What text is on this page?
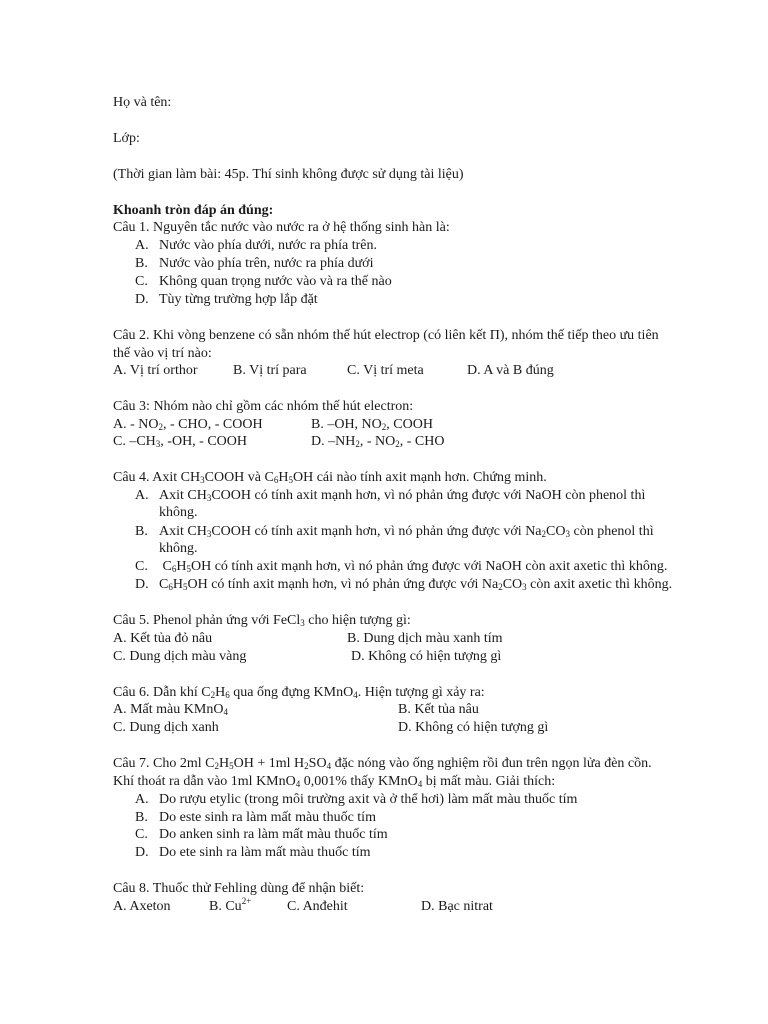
Họ và tên:
Lớp:
(Thời gian làm bài: 45p. Thí sinh không được sử dụng tài liệu)
Khoanh tròn đáp án đúng:
Câu 1. Nguyên tắc nước vào nước ra ở hệ thống sinh hàn là:
A. Nước vào phía dưới, nước ra phía trên.
B. Nước vào phía trên, nước ra phía dưới
C. Không quan trọng nước vào và ra thế nào
D. Tùy từng trường hợp lắp đặt
Câu 2. Khi vòng benzene có sẵn nhóm thế hút electrop (có liên kết Π), nhóm thế tiếp theo ưu tiên
thế vào vị trí nào:
A. Vị trí orthor	B. Vị trí para	C. Vị trí meta	D. A và B đúng
Câu 3: Nhóm nào chỉ gồm các nhóm thế hút electron:
A. - $NO_2$, - CHO, - COOH	B. –OH, $NO_2$, COOH
C. $-CH_3$, -OH, - COOH	D. $-NH_2$, - $NO_2$, - CHO
Câu 4. Axit $CH_3COOH$ và $C_6H_5OH$ cái nào tính axit mạnh hơn. Chứng minh.
A. Axit $CH_3COOH$ có tính axit mạnh hơn, vì nó phản ứng được với NaOH còn phenol thì
không.
B. Axit $CH_3COOH$ có tính axit mạnh hơn, vì nó phản ứng được với $Na_2CO_3$ còn phenol thì
không.
C. $C_6H_5OH$ có tính axit mạnh hơn, vì nó phản ứng được với NaOH còn axit axetic thì không.
D. $C_6H_5OH$ có tính axit mạnh hơn, vì nó phản ứng được với $Na_2CO_3$ còn axit axetic thì không.
Câu 5. Phenol phản ứng với FeCl$_3$ cho hiện tượng gì:
A. Kết tủa đỏ nâu	B. Dung dịch màu xanh tím
C. Dung dịch màu vàng	D. Không có hiện tượng gì
Câu 6. Dẫn khí $C_2H_6$ qua ống đựng KMnO$_4$. Hiện tượng gì xảy ra:
A. Mất màu KMnO$_4$	B. Kết tủa nâu
C. Dung dịch xanh	D. Không có hiện tượng gì
Câu 7. Cho 2ml $C_2H_5OH + 1ml$ $H_2SO_4$ đặc nóng vào ống nghiệm rồi đun trên ngọn lửa đèn cồn.
Khí thoát ra dẫn vào 1ml KMnO$_4$ 0,001% thấy KMnO$_4$ bị mất màu. Giải thích:
A. Do rượu etylic (trong môi trường axit và ở thể hơi) làm mất màu thuốc tím
B. Do este sinh ra làm mất màu thuốc tím
C. Do anken sinh ra làm mất màu thuốc tím
D. Do ete sinh ra làm mất màu thuốc tím
Câu 8. Thuốc thử Fehling dùng để nhận biết:
A. Axeton	B. $Cu^{2+}$	C. Anđehit	D. Bạc nitrat
